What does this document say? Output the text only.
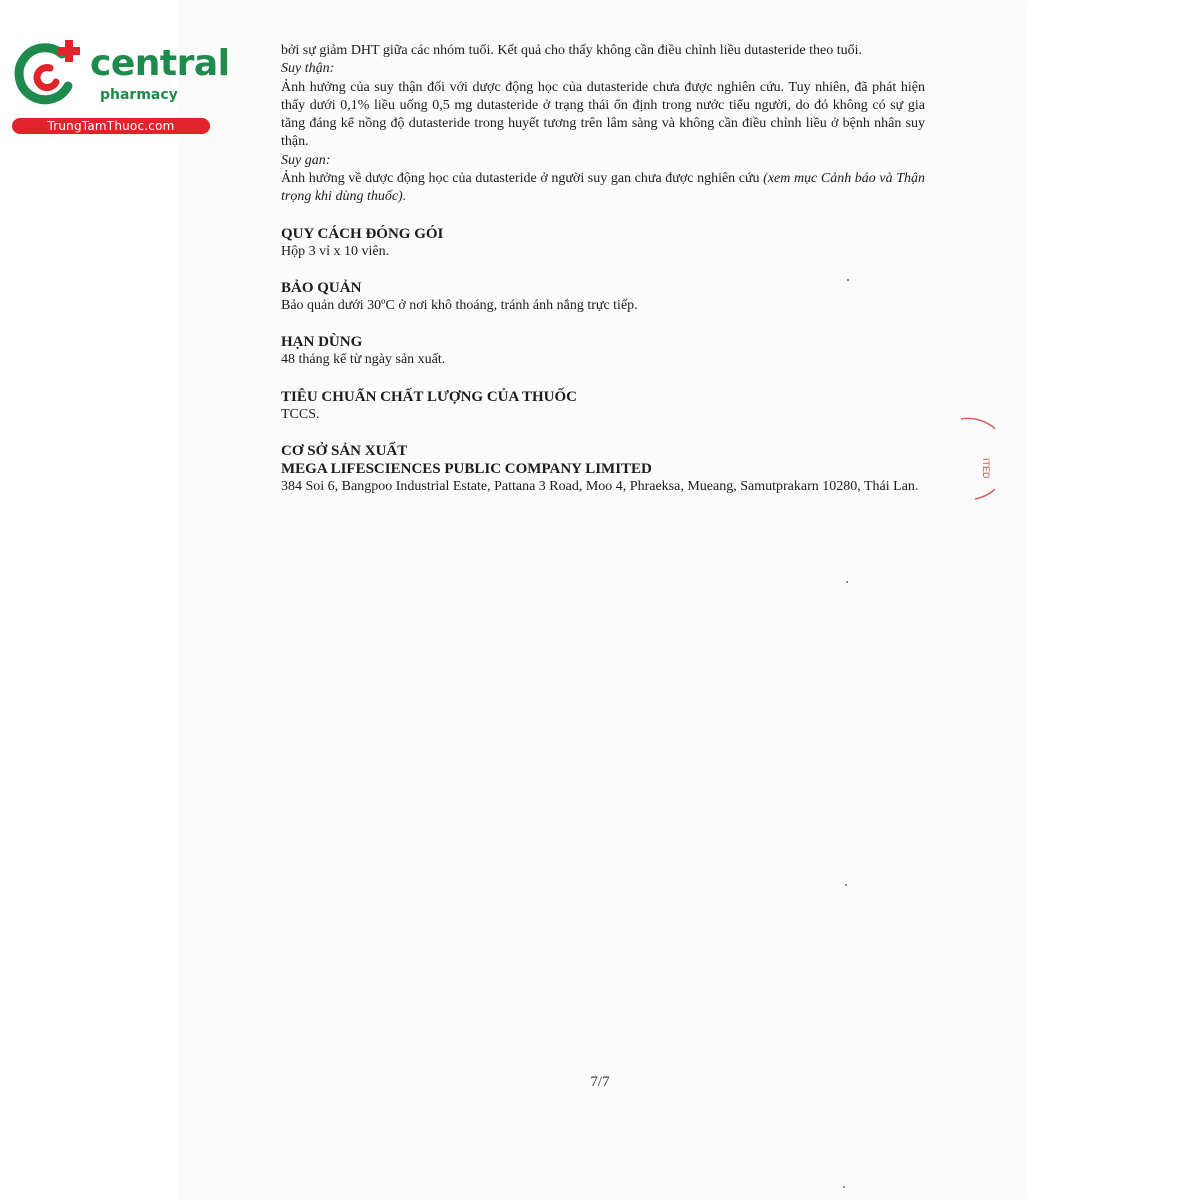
central
pharmacy
TrungTamThuoc.com

bởi sự giảm DHT giữa các nhóm tuổi. Kết quả cho thấy không cần điều chỉnh liều dutasteride theo tuổi.

Suy thận:

Ảnh hưởng của suy thận đối với dược động học của dutasteride chưa được nghiên cứu. Tuy nhiên, đã phát hiện thấy dưới 0,1% liều uống 0,5 mg dutasteride ở trạng thái ổn định trong nước tiểu người, do đó không có sự gia tăng đáng kể nồng độ dutasteride trong huyết tương trên lâm sàng và không cần điều chỉnh liều ở bệnh nhân suy thận.

Suy gan:

Ảnh hưởng về dược động học của dutasteride ở người suy gan chưa được nghiên cứu (xem mục Cảnh báo và Thận trọng khi dùng thuốc).

QUY CÁCH ĐÓNG GÓI

Hộp 3 vỉ x 10 viên.

BẢO QUẢN

Bảo quản dưới 30ºC ở nơi khô thoáng, tránh ánh nắng trực tiếp.

HẠN DÙNG

48 tháng kể từ ngày sản xuất.

TIÊU CHUẨN CHẤT LƯỢNG CỦA THUỐC

TCCS.

CƠ SỞ SẢN XUẤT

MEGA LIFESCIENCES PUBLIC COMPANY LIMITED

384 Soi 6, Bangpoo Industrial Estate, Pattana 3 Road, Moo 4, Phraeksa, Mueang, Samutprakarn 10280, Thái Lan.

ITED
7/7
